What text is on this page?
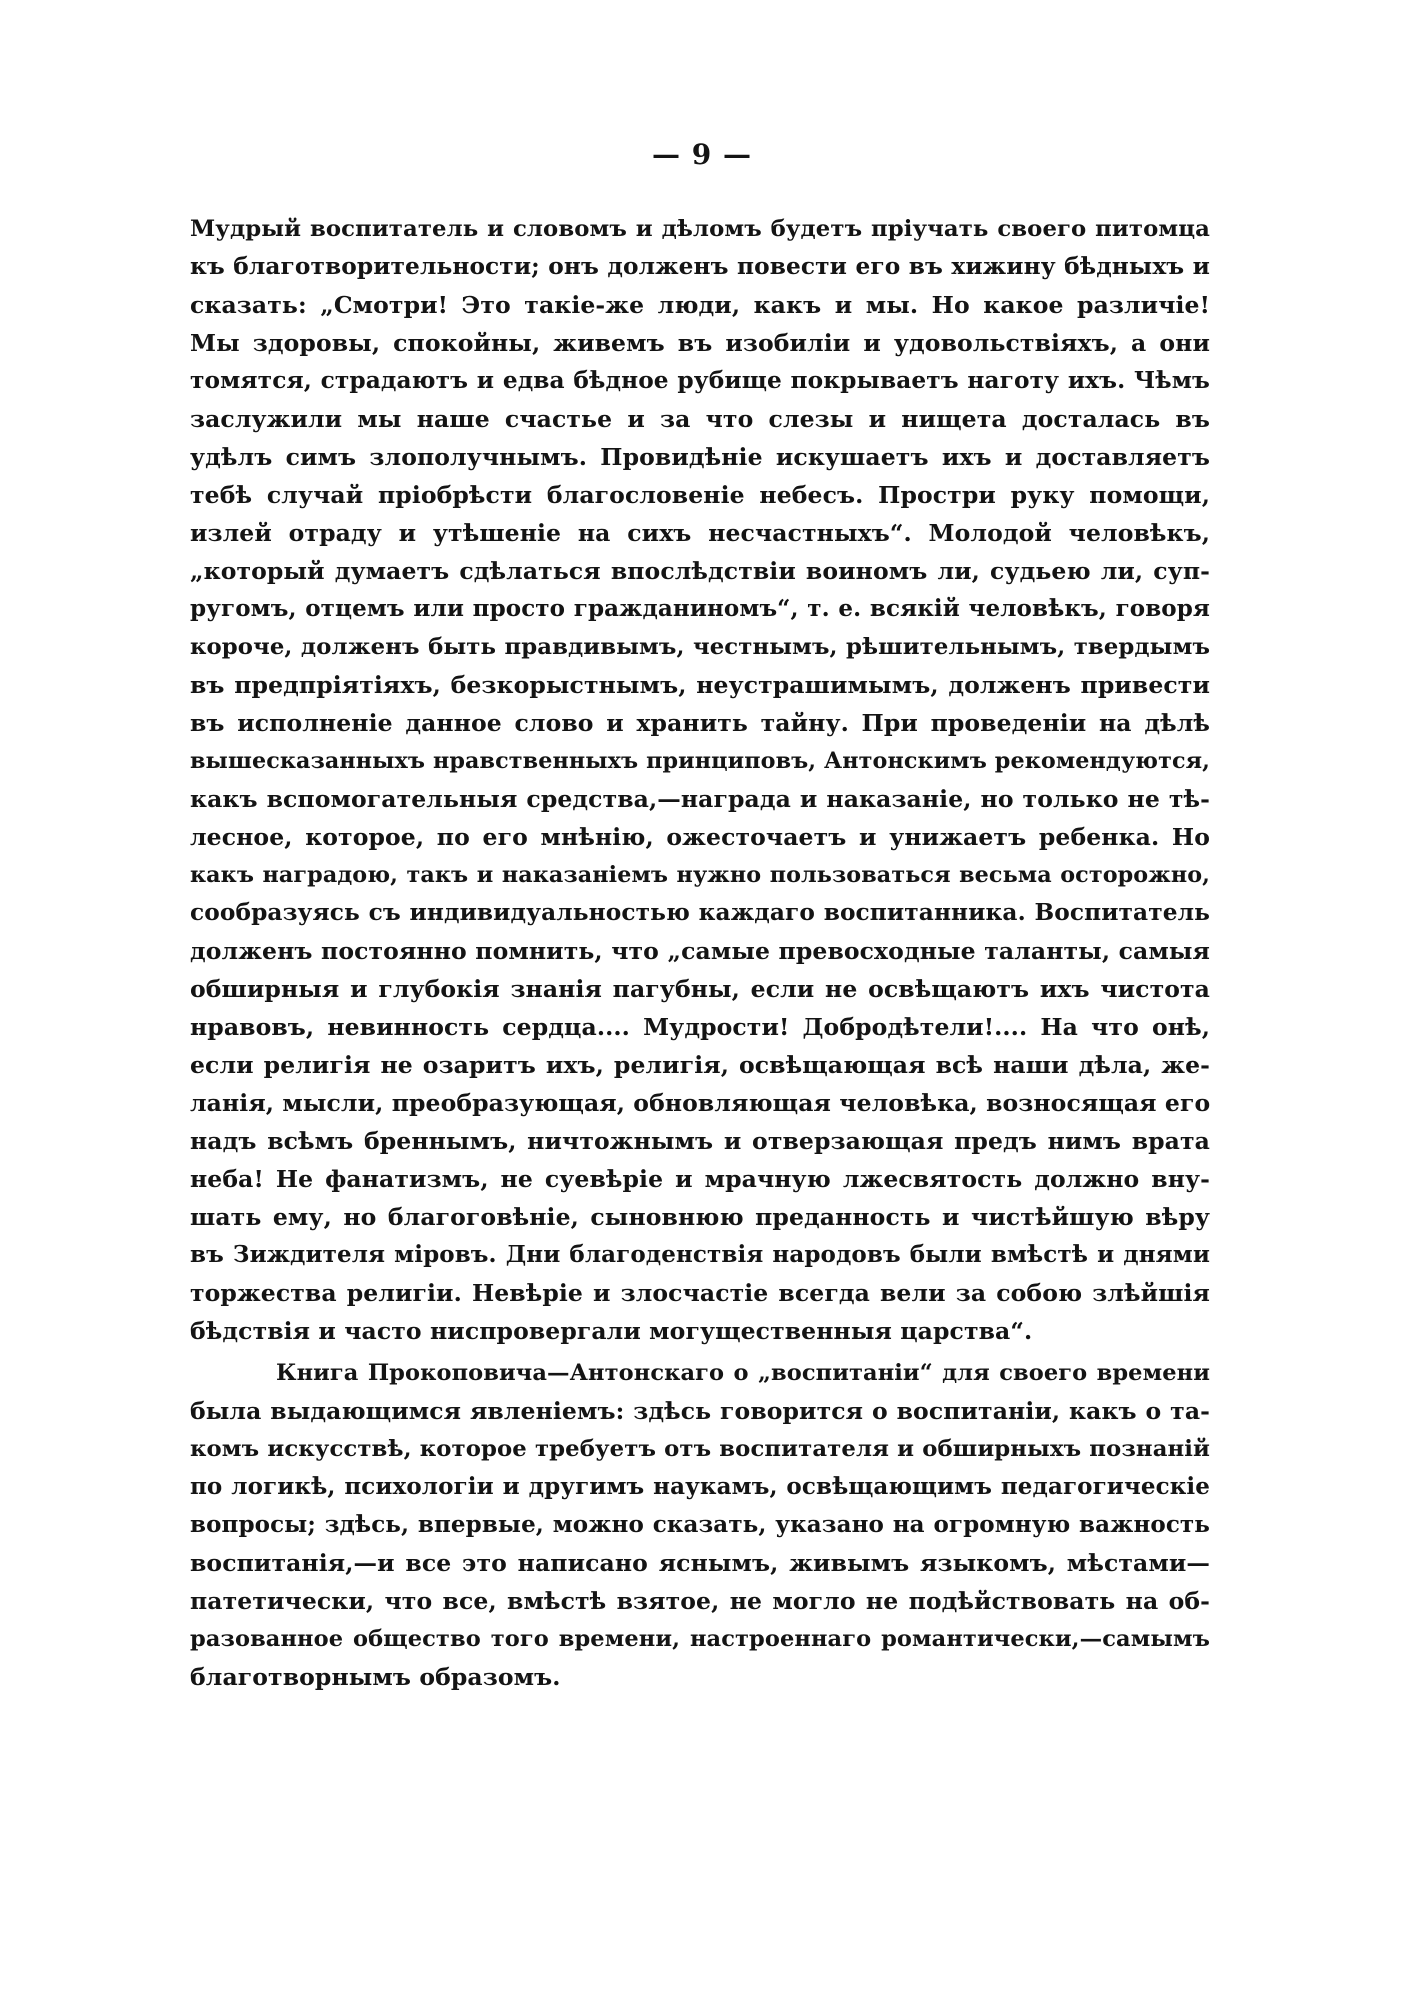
— 9 —
Мудрый воспитатель и словомъ и дѣломъ будетъ пріучать своего питомца
къ благотворительности; онъ долженъ повести его въ хижину бѣдныхъ и
сказать: „Смотри! Это такіе-же люди, какъ и мы. Но какое различіе!
Мы здоровы, спокойны, живемъ въ изобиліи и удовольствіяхъ, а они
томятся, страдаютъ и едва бѣдное рубище покрываетъ наготу ихъ. Чѣмъ
заслужили мы наше счастье и за что слезы и нищета досталась въ
удѣлъ симъ злополучнымъ. Провидѣніе искушаетъ ихъ и доставляетъ
тебѣ случай пріобрѣсти благословеніе небесъ. Простри руку помощи,
излей отраду и утѣшеніе на сихъ несчастныхъ“. Молодой человѣкъ,
„который думаетъ сдѣлаться впослѣдствіи воиномъ ли, судьею ли, суп-
ругомъ, отцемъ или просто гражданиномъ“, т. е. всякій человѣкъ, говоря
короче, долженъ быть правдивымъ, честнымъ, рѣшительнымъ, твердымъ
въ предпріятіяхъ, безкорыстнымъ, неустрашимымъ, долженъ привести
въ исполненіе данное слово и хранить тайну. При проведеніи на дѣлѣ
вышесказанныхъ нравственныхъ принциповъ, Антонскимъ рекомендуются,
какъ вспомогательныя средства,—награда и наказаніе, но только не тѣ-
лесное, которое, по его мнѣнію, ожесточаетъ и унижаетъ ребенка. Но
какъ наградою, такъ и наказаніемъ нужно пользоваться весьма осторожно,
сообразуясь съ индивидуальностью каждаго воспитанника. Воспитатель
долженъ постоянно помнить, что „самые превосходные таланты, самыя
обширныя и глубокія знанія пагубны, если не освѣщаютъ ихъ чистота
нравовъ, невинность сердца.... Мудрости! Добродѣтели!.... На что онѣ,
если религія не озаритъ ихъ, религія, освѣщающая всѣ наши дѣла, же-
ланія, мысли, преобразующая, обновляющая человѣка, возносящая его
надъ всѣмъ бреннымъ, ничтожнымъ и отверзающая предъ нимъ врата
неба! Не фанатизмъ, не суевѣріе и мрачную лжесвятость должно вну-
шать ему, но благоговѣніе, сыновнюю преданность и чистѣйшую вѣру
въ Зиждителя міровъ. Дни благоденствія народовъ были вмѣстѣ и днями
торжества религіи. Невѣріе и злосчастіе всегда вели за собою злѣйшія
бѣдствія и часто ниспровергали могущественныя царства“.
Книга Прокоповича—Антонскаго о „воспитаніи“ для своего времени
была выдающимся явленіемъ: здѣсь говорится о воспитаніи, какъ о та-
комъ искусствѣ, которое требуетъ отъ воспитателя и обширныхъ познаній
по логикѣ, психологіи и другимъ наукамъ, освѣщающимъ педагогическіе
вопросы; здѣсь, впервые, можно сказать, указано на огромную важность
воспитанія,—и все это написано яснымъ, живымъ языкомъ, мѣстами—
патетически, что все, вмѣстѣ взятое, не могло не подѣйствовать на об-
разованное общество того времени, настроеннаго романтически,—самымъ
благотворнымъ образомъ.
